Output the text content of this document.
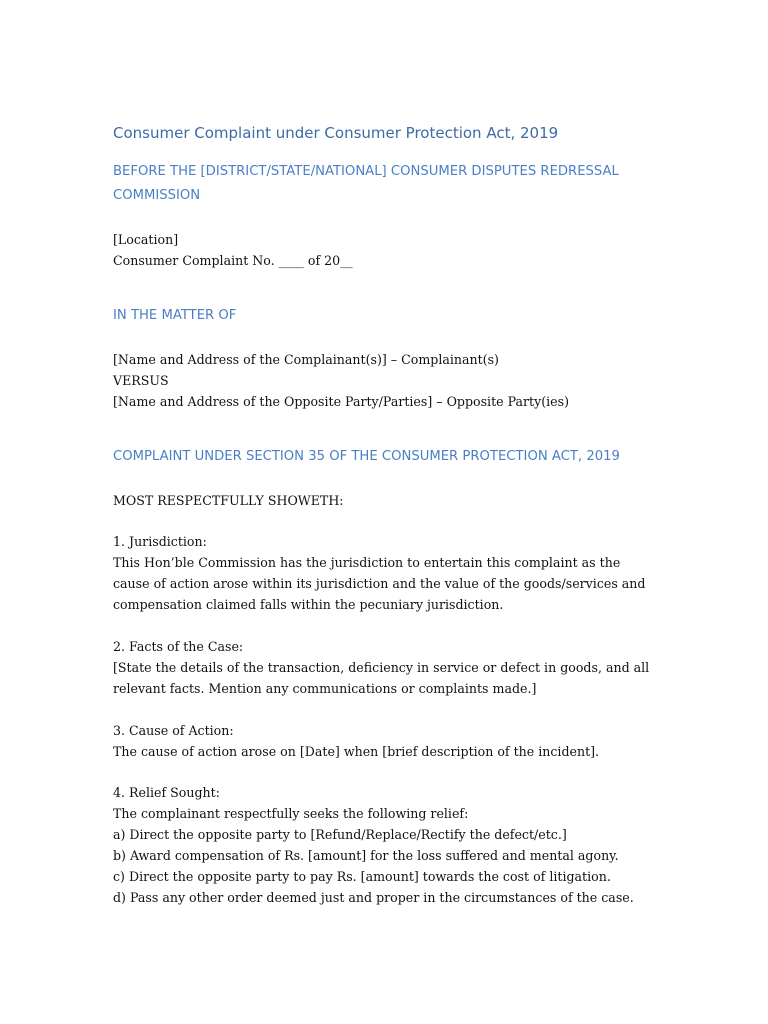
Consumer Complaint under Consumer Protection Act, 2019
BEFORE THE [DISTRICT/STATE/NATIONAL] CONSUMER DISPUTES REDRESSAL COMMISSION
[Location]
Consumer Complaint No. ____ of 20__
IN THE MATTER OF
[Name and Address of the Complainant(s)] – Complainant(s)
VERSUS
[Name and Address of the Opposite Party/Parties] – Opposite Party(ies)
COMPLAINT UNDER SECTION 35 OF THE CONSUMER PROTECTION ACT, 2019
MOST RESPECTFULLY SHOWETH:
1. Jurisdiction:
This Hon’ble Commission has the jurisdiction to entertain this complaint as the
cause of action arose within its jurisdiction and the value of the goods/services and
compensation claimed falls within the pecuniary jurisdiction.
2. Facts of the Case:
[State the details of the transaction, deficiency in service or defect in goods, and all
relevant facts. Mention any communications or complaints made.]
3. Cause of Action:
The cause of action arose on [Date] when [brief description of the incident].
4. Relief Sought:
The complainant respectfully seeks the following relief:
a) Direct the opposite party to [Refund/Replace/Rectify the defect/etc.]
b) Award compensation of Rs. [amount] for the loss suffered and mental agony.
c) Direct the opposite party to pay Rs. [amount] towards the cost of litigation.
d) Pass any other order deemed just and proper in the circumstances of the case.
